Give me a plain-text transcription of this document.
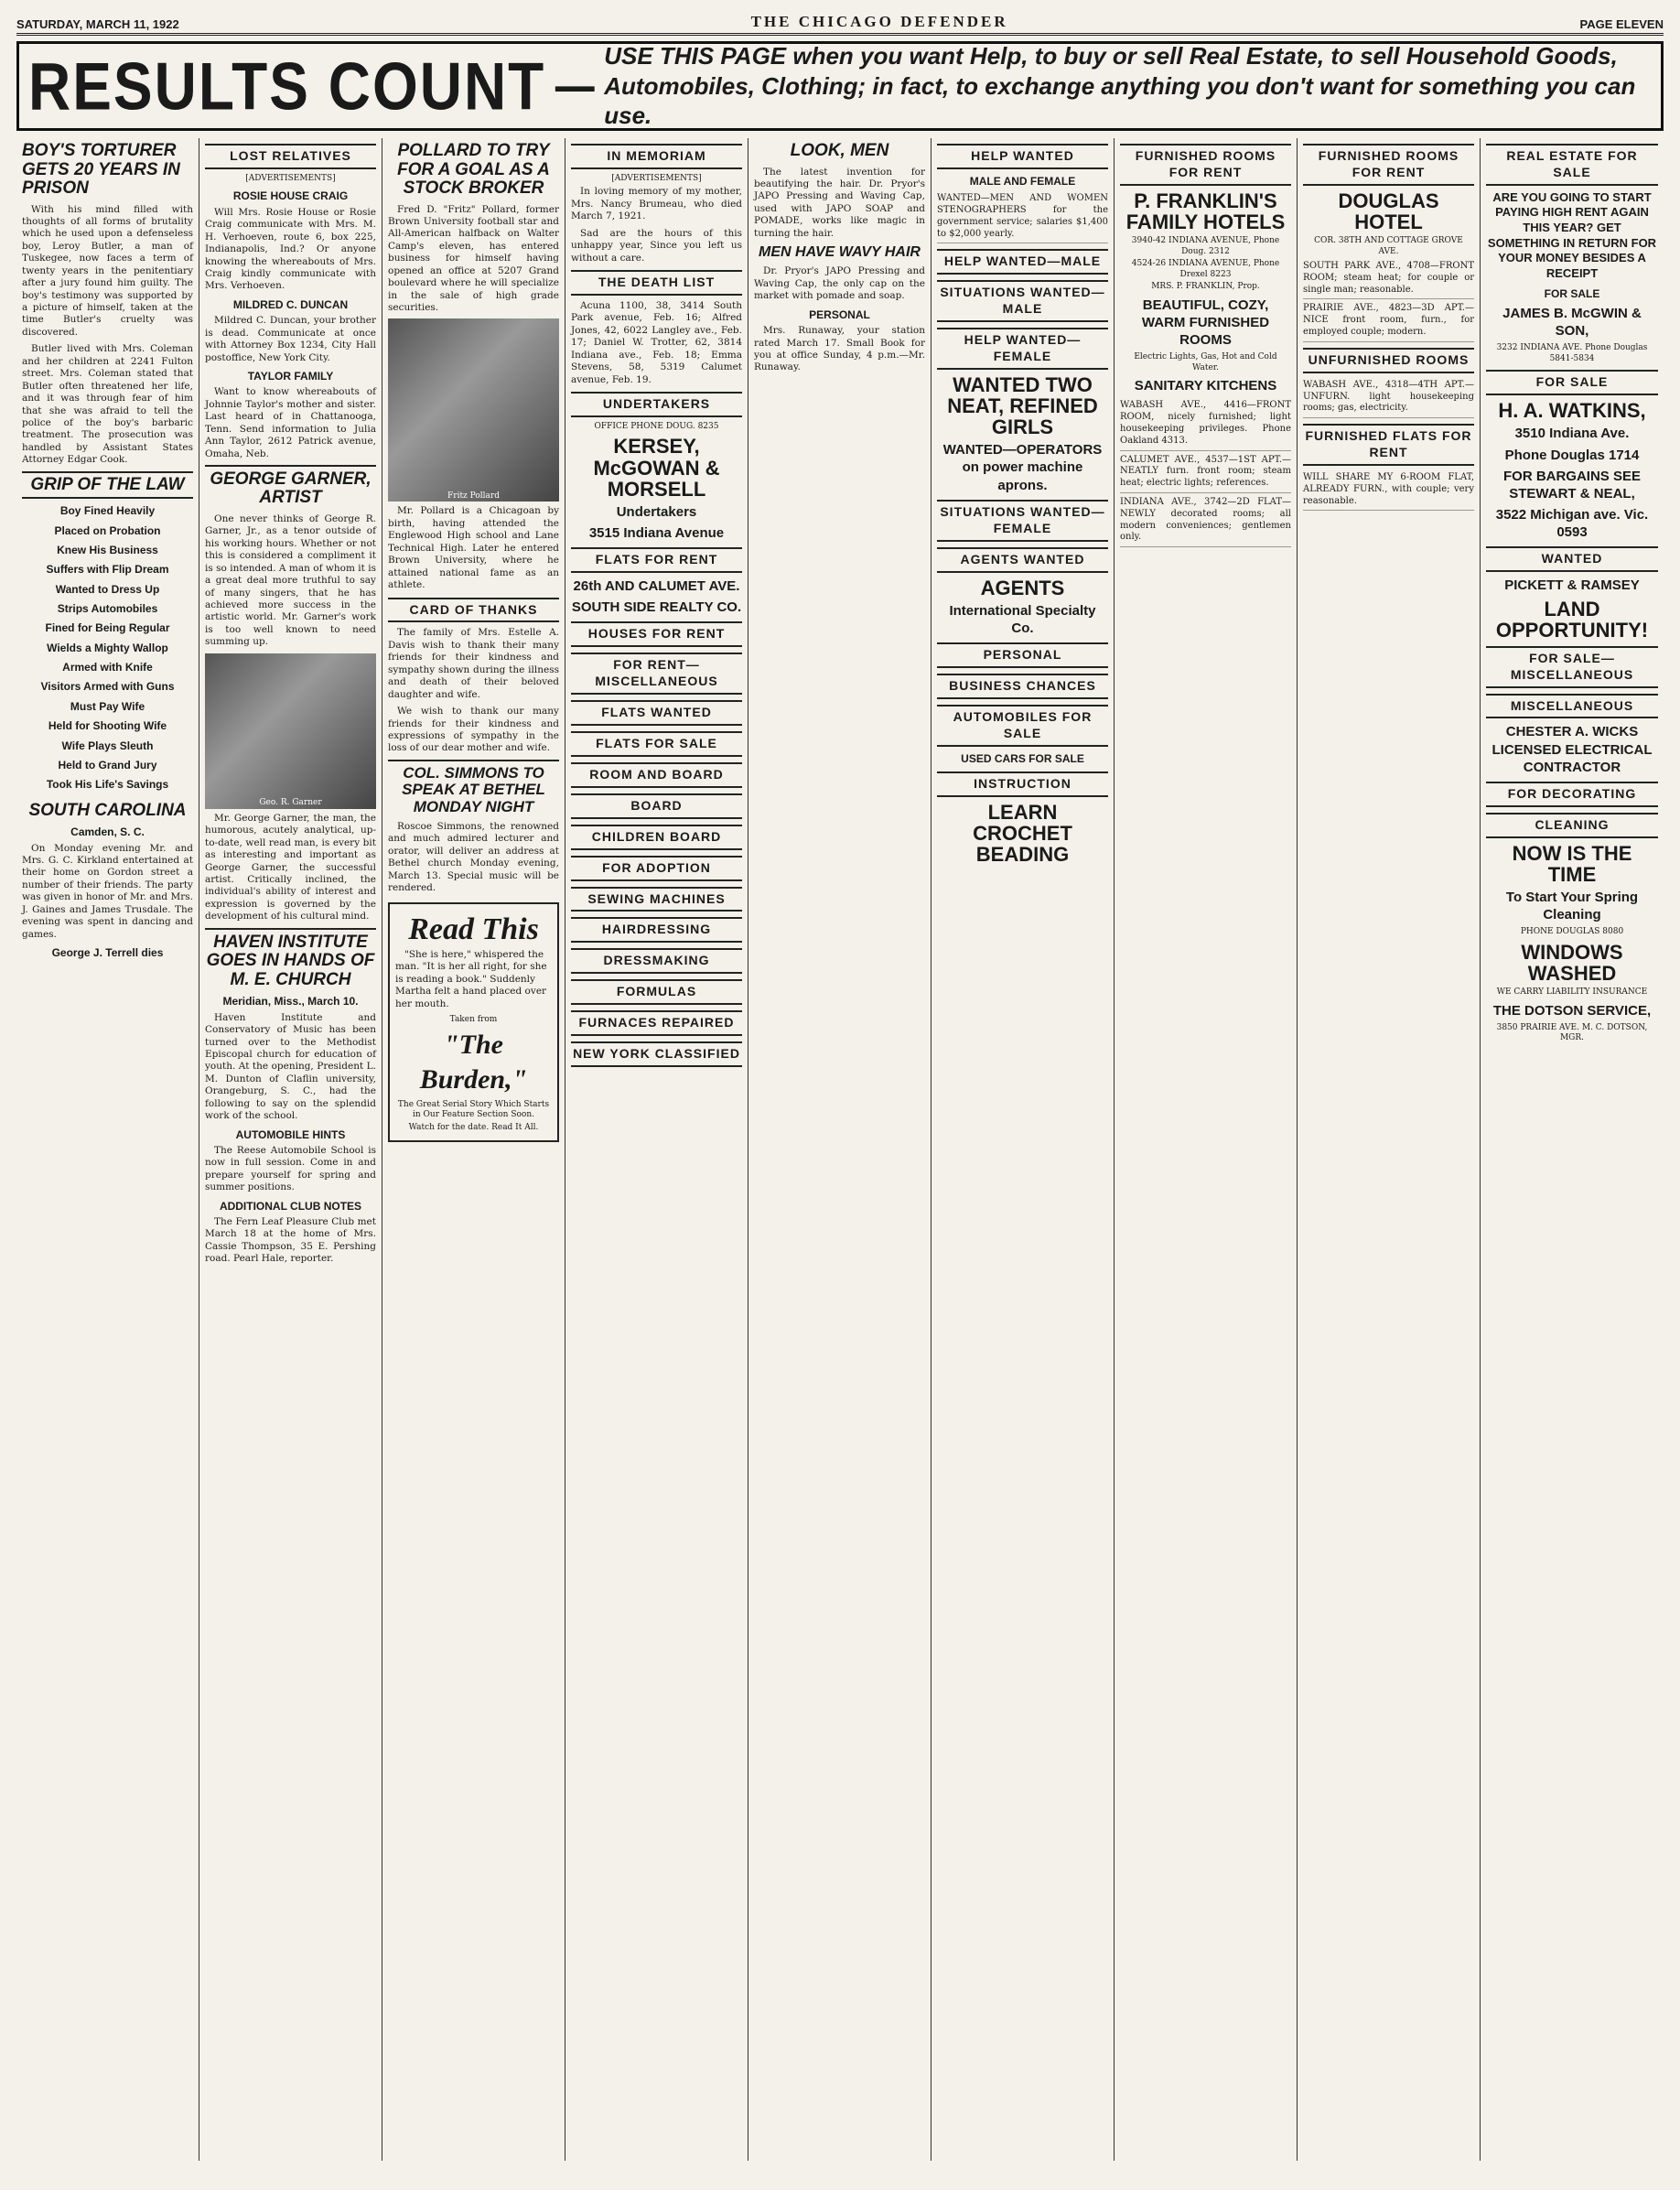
SATURDAY, MARCH 11, 1922	THE CHICAGO DEFENDER	PAGE ELEVEN
RESULTS COUNT —
USE THIS PAGE when you want Help, to buy or sell Real Estate, to sell Household Goods,
Automobiles, Clothing; in fact, to exchange anything you don't want for something you can use.
BOY'S TORTURER GETS 20 YEARS IN PRISON

With his mind filled with thoughts of all forms of brutality which he used upon a defenseless boy, Leroy Butler, a man of Tuskegee, now faces a term of twenty years in the penitentiary after a jury found him guilty. The boy's testimony was supported by a picture of himself, taken at the time Butler's cruelty was discovered.

Butler lived with Mrs. Coleman and her children at 2241 Fulton street. Mrs. Coleman stated that Butler often threatened her life, and it was through fear of him that she was afraid to tell the police of the boy's barbaric treatment. The prosecution was handled by Assistant States Attorney Edgar Cook.

GRIP OF THE LAW
Boy Fined Heavily
Placed on Probation
Knew His Business
Suffers with Flip Dream
Wanted to Dress Up
Strips Automobiles
Fined for Being Regular
Wields a Mighty Wallop
Armed with Knife
Visitors Armed with Guns
Must Pay Wife
Held for Shooting Wife
Wife Plays Sleuth
Held to Grand Jury
Took His Life's Savings
SOUTH CAROLINA
Camden, S. C.

On Monday evening Mr. and Mrs. G. C. Kirkland entertained at their home on Gordon street a number of their friends. The party was given in honor of Mr. and Mrs. J. Gaines and James Trusdale. The evening was spent in dancing and games.

George J. Terrell dies
LOST RELATIVES
[ADVERTISEMENTS]
ROSIE HOUSE CRAIG

Will Mrs. Rosie House or Rosie Craig communicate with Mrs. M. H. Verhoeven, route 6, box 225, Indianapolis, Ind.? Or anyone knowing the whereabouts of Mrs. Craig kindly communicate with Mrs. Verhoeven.

MILDRED C. DUNCAN

Mildred C. Duncan, your brother is dead. Communicate at once with Attorney Box 1234, City Hall postoffice, New York City.

TAYLOR FAMILY

Want to know whereabouts of Johnnie Taylor's mother and sister. Last heard of in Chattanooga, Tenn. Send information to Julia Ann Taylor, 2612 Patrick avenue, Omaha, Neb.

GEORGE GARNER, ARTIST

One never thinks of George R. Garner, Jr., as a tenor outside of his working hours. Whether or not this is considered a compliment it is so intended. A man of whom it is a great deal more truthful to say of many singers, that he has achieved more success in the artistic world. Mr. Garner's work is too well known to need summing up.

Geo. R. Garner

Mr. George Garner, the man, the humorous, acutely analytical, up-to-date, well read man, is every bit as interesting and important as George Garner, the successful artist. Critically inclined, the individual's ability of interest and expression is governed by the development of his cultural mind.

HAVEN INSTITUTE GOES IN HANDS OF M. E. CHURCH
Meridian, Miss., March 10.

Haven Institute and Conservatory of Music has been turned over to the Methodist Episcopal church for education of youth. At the opening, President L. M. Dunton of Claflin university, Orangeburg, S. C., had the following to say on the splendid work of the school.

AUTOMOBILE HINTS

The Reese Automobile School is now in full session. Come in and prepare yourself for spring and summer positions.

ADDITIONAL CLUB NOTES

The Fern Leaf Pleasure Club met March 18 at the home of Mrs. Cassie Thompson, 35 E. Pershing road. Pearl Hale, reporter.

POLLARD TO TRY FOR A GOAL AS A STOCK BROKER

Fred D. "Fritz" Pollard, former Brown University football star and All-American halfback on Walter Camp's eleven, has entered business for himself having opened an office at 5207 Grand boulevard where he will specialize in the sale of high grade securities.

Fritz Pollard

Mr. Pollard is a Chicagoan by birth, having attended the Englewood High school and Lane Technical High. Later he entered Brown University, where he attained national fame as an athlete.

CARD OF THANKS

The family of Mrs. Estelle A. Davis wish to thank their many friends for their kindness and sympathy shown during the illness and death of their beloved daughter and wife.

We wish to thank our many friends for their kindness and expressions of sympathy in the loss of our dear mother and wife.

COL. SIMMONS TO SPEAK AT BETHEL MONDAY NIGHT

Roscoe Simmons, the renowned and much admired lecturer and orator, will deliver an address at Bethel church Monday evening, March 13. Special music will be rendered.

Read This

"She is here," whispered the man. "It is her all right, for she is reading a book." Suddenly Martha felt a hand placed over her mouth.

Taken from
"The Burden,"
The Great Serial Story Which Starts in Our Feature Section Soon.
Watch for the date. Read It All.
IN MEMORIAM
[ADVERTISEMENTS]

In loving memory of my mother, Mrs. Nancy Brumeau, who died March 7, 1921.

Sad are the hours of this unhappy year, Since you left us without a care.

THE DEATH LIST

Acuna 1100, 38, 3414 South Park avenue, Feb. 16; Alfred Jones, 42, 6022 Langley ave., Feb. 17; Daniel W. Trotter, 62, 3814 Indiana ave., Feb. 18; Emma Stevens, 58, 5319 Calumet avenue, Feb. 19.

UNDERTAKERS
OFFICE PHONE DOUG. 8235
KERSEY, McGOWAN & MORSELL
Undertakers
3515 Indiana Avenue
FLATS FOR RENT
26th AND CALUMET AVE.
SOUTH SIDE REALTY CO.
HOUSES FOR RENT
FOR RENT—MISCELLANEOUS
FLATS WANTED
FLATS FOR SALE
ROOM AND BOARD
BOARD
CHILDREN BOARD
FOR ADOPTION
SEWING MACHINES
HAIRDRESSING
DRESSMAKING
FORMULAS
FURNACES REPAIRED
NEW YORK CLASSIFIED
LOOK, MEN

The latest invention for beautifying the hair. Dr. Pryor's JAPO Pressing and Waving Cap, used with JAPO SOAP and POMADE, works like magic in turning the hair.

MEN HAVE WAVY HAIR

Dr. Pryor's JAPO Pressing and Waving Cap, the only cap on the market with pomade and soap.

PERSONAL

Mrs. Runaway, your station rated March 17. Small Book for you at office Sunday, 4 p.m.—Mr. Runaway.

HELP WANTED
MALE AND FEMALE
WANTED—MEN AND WOMEN STENOGRAPHERS for the government service; salaries $1,400 to $2,000 yearly.
HELP WANTED—MALE
SITUATIONS WANTED—MALE
HELP WANTED—FEMALE
WANTED TWO NEAT, REFINED GIRLS
WANTED—OPERATORS on power machine aprons.
SITUATIONS WANTED—FEMALE
AGENTS WANTED
AGENTS
International Specialty Co.
PERSONAL
BUSINESS CHANCES
AUTOMOBILES FOR SALE
USED CARS FOR SALE
INSTRUCTION
LEARN CROCHET BEADING
FURNISHED ROOMS FOR RENT
P. FRANKLIN'S FAMILY HOTELS
3940-42 INDIANA AVENUE, Phone Doug. 2312
4524-26 INDIANA AVENUE, Phone Drexel 8223
MRS. P. FRANKLIN, Prop.
BEAUTIFUL, COZY, WARM FURNISHED ROOMS
Electric Lights, Gas, Hot and Cold Water.
SANITARY KITCHENS
WABASH AVE., 4416—FRONT ROOM, nicely furnished; light housekeeping privileges. Phone Oakland 4313.
CALUMET AVE., 4537—1ST APT.—NEATLY furn. front room; steam heat; electric lights; references.
INDIANA AVE., 3742—2D FLAT—NEWLY decorated rooms; all modern conveniences; gentlemen only.
FURNISHED ROOMS FOR RENT
DOUGLAS HOTEL
COR. 38TH AND COTTAGE GROVE AVE.
SOUTH PARK AVE., 4708—FRONT ROOM; steam heat; for couple or single man; reasonable.
PRAIRIE AVE., 4823—3D APT.—NICE front room, furn., for employed couple; modern.
UNFURNISHED ROOMS
WABASH AVE., 4318—4TH APT.—UNFURN. light housekeeping rooms; gas, electricity.
FURNISHED FLATS FOR RENT
WILL SHARE MY 6-ROOM FLAT, ALREADY FURN., with couple; very reasonable.
REAL ESTATE FOR SALE
ARE YOU GOING TO START PAYING HIGH RENT AGAIN THIS YEAR? GET SOMETHING IN RETURN FOR YOUR MONEY BESIDES A RECEIPT
FOR SALE
JAMES B. McGWIN & SON,
3232 INDIANA AVE. Phone Douglas 5841-5834
FOR SALE
H. A. WATKINS,
3510 Indiana Ave.
Phone Douglas 1714
FOR BARGAINS SEE STEWART & NEAL,
3522 Michigan ave. Vic. 0593
WANTED
PICKETT & RAMSEY
LAND OPPORTUNITY!
FOR SALE—MISCELLANEOUS
MISCELLANEOUS
CHESTER A. WICKS LICENSED ELECTRICAL CONTRACTOR
FOR DECORATING
CLEANING
NOW IS THE TIME
To Start Your Spring Cleaning
PHONE DOUGLAS 8080
WINDOWS WASHED
WE CARRY LIABILITY INSURANCE
THE DOTSON SERVICE,
3850 PRAIRIE AVE. M. C. DOTSON, MGR.
